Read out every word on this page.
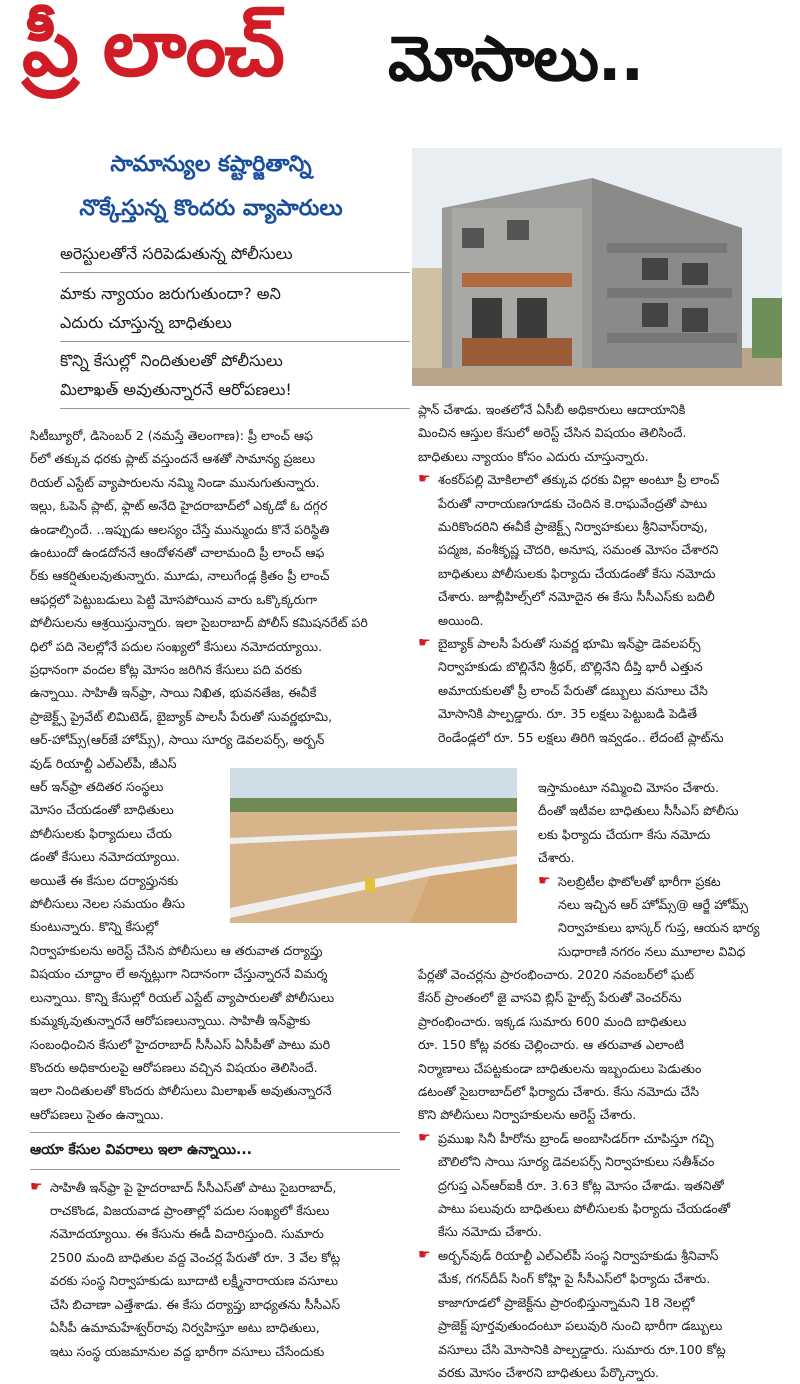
ప్రీ లాంచ్ మోసాలు..
సామాన్యుల కష్టార్జితాన్ని
నొక్కేస్తున్న కొందరు వ్యాపారులు
అరెస్టులతోనే సరిపెడుతున్న పోలీసులు
మాకు న్యాయం జరుగుతుందా? అని
ఎదురు చూస్తున్న బాధితులు
కొన్ని కేసుల్లో నిందితులతో పోలీసులు
మిలాఖత్ అవుతున్నారనే ఆరోపణలు!

సిటీబ్యూరో, డిసెంబర్ 2 (నమస్తే తెలంగాణ): ప్రీ లాంచ్ ఆఫ

ర్‌లో తక్కువ ధరకు ప్లాట్ వస్తుందనే ఆశతో సామాన్య ప్రజలు

రియల్ ఎస్టేట్ వ్యాపారులను నమ్మి నిండా మునుగుతున్నారు.

ఇల్లు, ఓపెన్ ప్లాట్, ఫ్లాట్ అనేది హైదరాబాద్‌లో ఎక్కడో ఓ దగ్గర

ఉండాల్సిందే. ..ఇప్పుడు ఆలస్యం చేస్తే మున్ముందు కొనే పరిస్థితి

ఉంటుందో ఉండదోననే ఆందోళనతో చాలామంది ప్రీ లాంచ్ ఆఫ

ర్‌కు ఆకర్షితులవుతున్నారు. మూడు, నాలుగేండ్ల క్రితం ప్రీ లాంచ్

ఆఫర్లలో పెట్టుబడులు పెట్టి మోసపోయిన వారు ఒక్కొక్కరుగా

పోలీసులను ఆశ్రయిస్తున్నారు. ఇలా సైబరాబాద్ పోలీస్ కమిషనరేట్ పరి

ధిలో పది నెలల్లోనే పదుల సంఖ్యలో కేసులు నమోదయ్యాయి.

ప్రధానంగా వందల కోట్ల మోసం జరిగిన కేసులు పది వరకు

ఉన్నాయి. సాహితీ ఇన్‌ఫ్రా, సాయి నిఖిత, భువనతేజ, ఈవీకే

ప్రాజెక్ట్స్ ప్రైవేట్ లిమిటెడ్, బైబ్యాక్ పాలసీ పేరుతో సువర్ణభూమి,

ఆర్-హోమ్స్(ఆర్‌జే హోమ్స్), సాయి సూర్య డెవలపర్స్, అర్బన్

వుడ్ రియాల్టీ ఎల్‌ఎల్‌పీ, జీఎస్

ఆర్ ఇన్‌ఫ్రా తదితర సంస్థలు

మోసం చేయడంతో బాధితులు

పోలీసులకు ఫిర్యాదులు చేయ

డంతో కేసులు నమోదయ్యాయి.

అయితే ఈ కేసుల దర్యాప్తునకు

పోలీసులు నెలల సమయం తీసు

కుంటున్నారు. కొన్ని కేసుల్లో

నిర్వాహకులను అరెస్ట్ చేసిన పోలీసులు ఆ తరువాత దర్యాప్తు

విషయం చూద్దాం లే అన్నట్లుగా నిదానంగా చేస్తున్నారనే విమర్శ

లున్నాయి. కొన్ని కేసుల్లో రియల్ ఎస్టేట్ వ్యాపారులతో పోలీసులు

కుమ్మక్కవుతున్నారనే ఆరోపణలున్నాయి. సాహితీ ఇన్‌ఫ్రాకు

సంబంధించిన కేసులో హైదరాబాద్ సీసీఎస్ ఏసీపీతో పాటు మరి

కొందరు అధికారులపై ఆరోపణలు వచ్చిన విషయం తెలిసిందే.

ఇలా నిందితులతో కొందరు పోలీసులు మిలాఖత్ అవుతున్నారనే

ఆరోపణలు సైతం ఉన్నాయి.

ఆయా కేసుల వివరాలు ఇలా ఉన్నాయి...

☛ సాహితీ ఇన్‌ఫ్రా పై హైదరాబాద్ సీసీఎస్‌తో పాటు సైబరాబాద్,

రాచకొండ, విజయవాడ ప్రాంతాల్లో పదుల సంఖ్యలో కేసులు

నమోదయ్యాయి. ఈ కేసును ఈడీ విచారిస్తుంది. సుమారు

2500 మంది బాధితుల వద్ద వెంచర్ల పేరుతో రూ. 3 వేల కోట్ల

వరకు సంస్థ నిర్వాహకుడు బూదాటి లక్ష్మీనారాయణ వసూలు

చేసి బిచాణా ఎత్తేశాడు. ఈ కేసు దర్యాప్తు బాధ్యతను సీసీఎస్

ఏసీపీ ఉమామహేశ్వర్‌రావు నిర్వహిస్తూ అటు బాధితులు,

ఇటు సంస్థ యజమానుల వద్ద భారీగా వసూలు చేసేందుకు

ప్లాన్ చేశాడు. ఇంతలోనే ఏసీబీ అధికారులు ఆదాయానికి

మించిన ఆస్తుల కేసులో అరెస్ట్ చేసిన విషయం తెలిసిందే.

బాధితులు న్యాయం కోసం ఎదురు చూస్తున్నారు.

☛ శంకర్‌పల్లి మోకిలాలో తక్కువ ధరకు విల్లా అంటూ ప్రీ లాంచ్

పేరుతో నారాయణగూడకు చెందిన కె.రాఘవేంద్రతో పాటు

మరికొందరిని ఈవీకే ప్రాజెక్ట్స్ నిర్వాహకులు శ్రీనివాస్‌రావు,

పద్మజ, వంశీకృష్ణ చౌదరి, అనూష, సమంత మోసం చేశారని

బాధితులు పోలీసులకు ఫిర్యాదు చేయడంతో కేసు నమోదు

చేశారు. జూబ్లీహిల్స్‌లో నమోదైన ఈ కేసు సీసీఎస్‌కు బదిలీ

అయింది.

☛ బైబ్యాక్ పాలసీ పేరుతో సువర్ణ భూమి ఇన్‌ఫ్రా డెవలపర్స్

నిర్వాహకుడు బొల్లినేని శ్రీధర్, బొల్లినేని దీప్తి భారీ ఎత్తున

అమాయకులతో ప్రీ లాంచ్ పేరుతో డబ్బులు వసూలు చేసి

మోసానికి పాల్పడ్డారు. రూ. 35 లక్షలు పెట్టుబడి పెడితే

రెండేండ్లలో రూ. 55 లక్షలు తిరిగి ఇవ్వడం.. లేదంటే ప్లాట్‌ను

ఇస్తామంటూ నమ్మించి మోసం చేశారు.

దీంతో ఇటీవల బాధితులు సీసీఎస్ పోలీసు

లకు ఫిర్యాదు చేయగా కేసు నమోదు

చేశారు.

☛ సెలబ్రిటీల ఫొటోలతో భారీగా ప్రకట

నలు ఇచ్చిన ఆర్ హోమ్స్@ ఆర్జే హోమ్స్

నిర్వాహకులు భాస్కర్ గుప్త, ఆయన భార్య

సుధారాణి నగరం నలు మూలాల వివిధ

పేర్లతో వెంచర్లను ప్రారంభించారు. 2020 నవంబర్‌లో ఘట్

కేసర్ ప్రాంతంలో జై వాసవి బ్లిస్ హైట్స్ పేరుతో వెంచర్‌ను

ప్రారంభించారు. ఇక్కడ సుమారు 600 మంది బాధితులు

రూ. 150 కోట్ల వరకు చెల్లించారు. ఆ తరువాత ఎలాంటి

నిర్మాణాలు చేపట్టకుండా బాధితులను ఇబ్బందులు పెడుతుం

డటంతో సైబరాబాద్‌లో ఫిర్యాదు చేశారు. కేసు నమోదు చేసి

కొని పోలీసులు నిర్వాహకులను అరెస్ట్ చేశారు.

☛ ప్రముఖ సినీ హీరోను బ్రాండ్ అంబాసిడర్‌గా చూపిస్తూ గచ్చి

బౌలిలోని సాయి సూర్య డెవలపర్స్ నిర్వాహకులు సతీశ్‌చం

ద్రగుప్త ఎన్‌ఆర్‌ఐకీ రూ. 3.63 కోట్ల మోసం చేశాడు. ఇతనితో

పాటు పలువురు బాధితులు పోలీసులకు ఫిర్యాదు చేయడంతో

కేసు నమోదు చేశారు.

☛ అర్బన్‌వుడ్ రియాల్టీ ఎల్‌ఎల్‌పీ సంస్థ నిర్వాహకుడు శ్రీనివాస్

మేక, గగన్‌దీప్ సింగ్ కోహ్లి పై సీసీఎస్‌లో ఫిర్యాదు చేశారు.

కాజాగూడలో ప్రాజెక్ట్‌ను ప్రారంభిస్తున్నామని 18 నెలల్లో

ప్రాజెక్ట్ పూర్తవుతుందంటూ పలువురి నుంచి భారీగా డబ్బులు

వసూలు చేసి మోసానికి పాల్పడ్డారు. సుమారు రూ.100 కోట్ల

వరకు మోసం చేశారని బాధితులు పేర్కొన్నారు.
